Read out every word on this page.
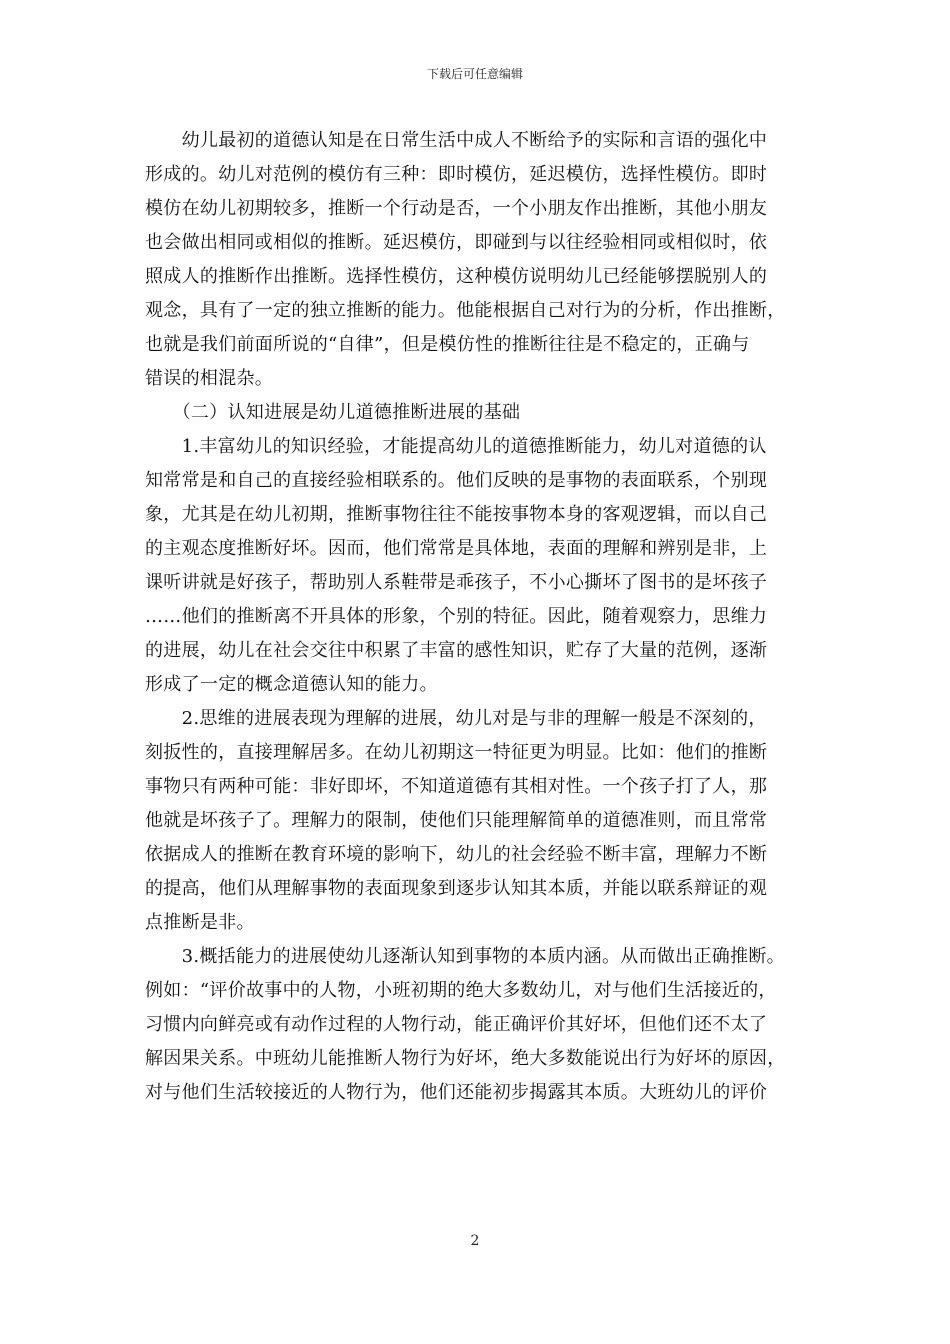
下载后可任意编辑
　　幼儿最初的道德认知是在日常生活中成人不断给予的实际和言语的强化中
形成的。幼儿对范例的模仿有三种：即时模仿，延迟模仿，选择性模仿。即时
模仿在幼儿初期较多，推断一个行动是否，一个小朋友作出推断，其他小朋友
也会做出相同或相似的推断。延迟模仿，即碰到与以往经验相同或相似时，依
照成人的推断作出推断。选择性模仿，这种模仿说明幼儿已经能够摆脱别人的
观念，具有了一定的独立推断的能力。他能根据自己对行为的分析，作出推断，
也就是我们前面所说的“自律”，但是模仿性的推断往往是不稳定的，正确与
错误的相混杂。
　　（二）认知进展是幼儿道德推断进展的基础
　　1.丰富幼儿的知识经验，才能提高幼儿的道德推断能力，幼儿对道德的认
知常常是和自己的直接经验相联系的。他们反映的是事物的表面联系，个别现
象，尤其是在幼儿初期，推断事物往往不能按事物本身的客观逻辑，而以自己
的主观态度推断好坏。因而，他们常常是具体地，表面的理解和辨别是非，上
课听讲就是好孩子，帮助别人系鞋带是乖孩子，不小心撕坏了图书的是坏孩子
……他们的推断离不开具体的形象，个别的特征。因此，随着观察力，思维力
的进展，幼儿在社会交往中积累了丰富的感性知识，贮存了大量的范例，逐渐
形成了一定的概念道德认知的能力。
　　2.思维的进展表现为理解的进展，幼儿对是与非的理解一般是不深刻的，
刻扳性的，直接理解居多。在幼儿初期这一特征更为明显。比如：他们的推断
事物只有两种可能：非好即坏，不知道道德有其相对性。一个孩子打了人，那
他就是坏孩子了。理解力的限制，使他们只能理解简单的道德准则，而且常常
依据成人的推断在教育环境的影响下，幼儿的社会经验不断丰富，理解力不断
的提高，他们从理解事物的表面现象到逐步认知其本质，并能以联系辩证的观
点推断是非。
　　3.概括能力的进展使幼儿逐渐认知到事物的本质内涵。从而做出正确推断。
例如：“评价故事中的人物，小班初期的绝大多数幼儿，对与他们生活接近的，
习惯内向鲜亮或有动作过程的人物行动，能正确评价其好坏，但他们还不太了
解因果关系。中班幼儿能推断人物行为好坏，绝大多数能说出行为好坏的原因，
对与他们生活较接近的人物行为，他们还能初步揭露其本质。大班幼儿的评价
2
